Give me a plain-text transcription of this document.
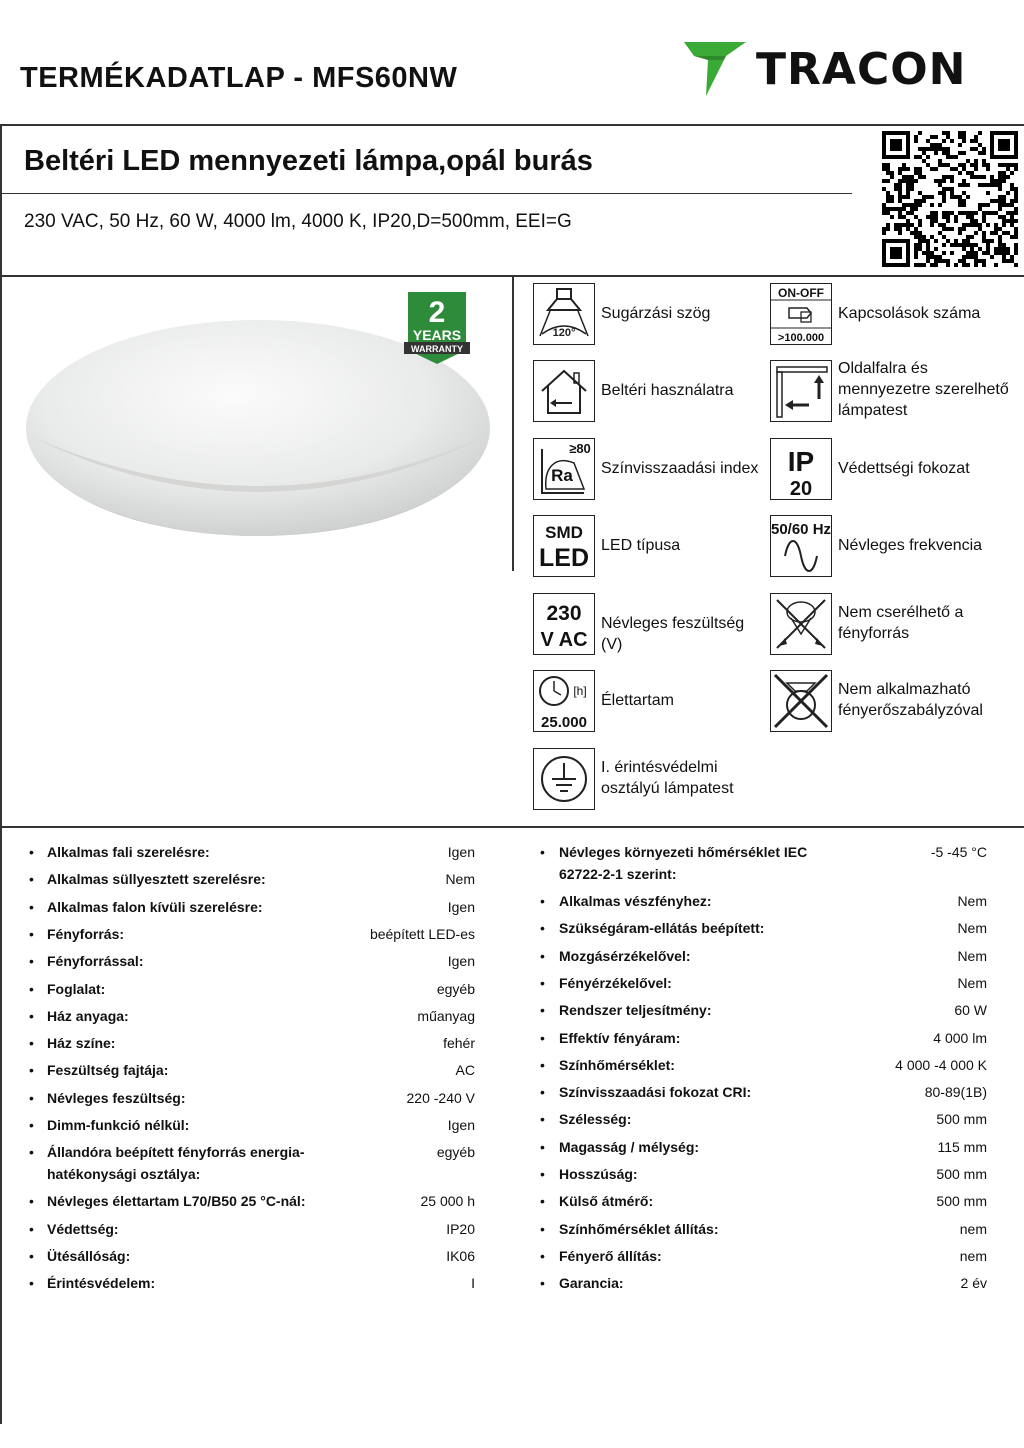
TERMÉKADATLAP - MFS60NW	TRACON
Beltéri LED mennyezeti lámpa,opál burás
230 VAC, 50 Hz, 60 W, 4000 lm, 4000 K, IP20,D=500mm, EEI=G
2
YEARS
WARRANTY
120°
Sugárzási szög
ON-OFF
>100.000
Kapcsolások száma
Beltéri használatra
Oldalfalra és mennyezetre szerelhető lámpatest
≥80
Ra Színvisszaadási index IP
20
Védettségi fokozat
SMD
LED LED típusa
50/60 Hz
Névleges frekvencia
230
V AC
Névleges feszültség (V)
Nem cserélhető a fényforrás
[h]
25.000
Élettartam
Nem alkalmazható fényerőszabályzóval
I. érintésvédelmi osztályú lámpatest
• Alkalmas fali szerelésre:	Igen
• Alkalmas süllyesztett szerelésre:	Nem
• Alkalmas falon kívüli szerelésre:	Igen
• Fényforrás:	beépített LED-es
• Fényforrással:	Igen
• Foglalat:	egyéb
• Ház anyaga:	műanyag
• Ház színe:	fehér
• Feszültség fajtája:	AC
• Névleges feszültség:	220 -240 V
• Dimm-funkció nélkül:	Igen
• Állandóra beépített fényforrás energia-
hatékonysági osztálya:
egyéb
• Névleges élettartam L70/B50 25 °C-nál:	25 000 h
• Védettség:	IP20
• Ütésállóság:	IK06
• Érintésvédelem:	I
• Névleges környezeti hőmérséklet IEC
62722-2-1 szerint:
-5 -45 °C
• Alkalmas vészfényhez:	Nem
• Szükségáram-ellátás beépített:	Nem
• Mozgásérzékelővel:	Nem
• Fényérzékelővel:	Nem
• Rendszer teljesítmény:	60 W
• Effektív fényáram:	4 000 lm
• Színhőmérséklet:	4 000 -4 000 K
• Színvisszaadási fokozat CRI:	80-89(1B)
• Szélesség:	500 mm
• Magasság / mélység:	115 mm
• Hosszúság:	500 mm
• Külső átmérő:	500 mm
• Színhőmérséklet állítás:	nem
• Fényerő állítás:	nem
• Garancia:	2 év
